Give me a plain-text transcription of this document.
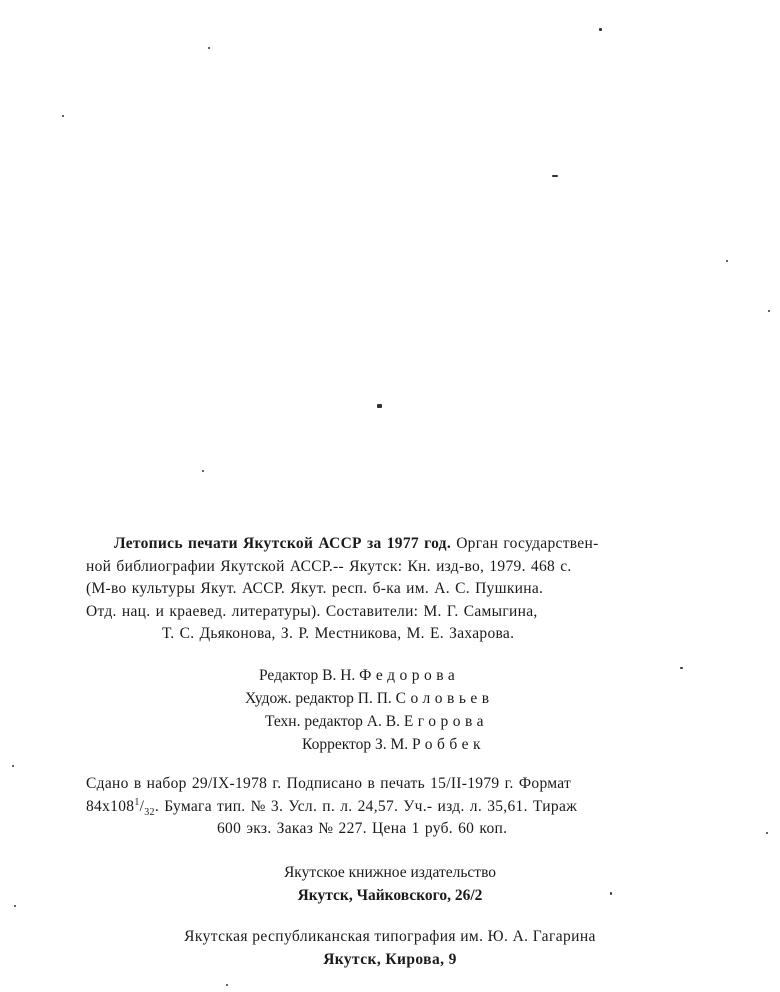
Летопись печати Якутской АССР за 1977 год. Орган государствен-
ной библиографии Якутской АССР.-- Якутск: Кн. изд-во, 1979. 468 с.
(М-во культуры Якут. АССР. Якут. респ. б-ка им. А. С. Пушкина.
Отд. нац. и краевед. литературы). Составители: М. Г. Самыгина,
Т. С. Дьяконова, З. Р. Местникова, М. Е. Захарова.
Редактор В. Н. Федорова
Худож. редактор П. П. Соловьев
Техн. редактор А. В. Егорова
Корректор З. М. Роббек
Сдано в набор 29/IX-1978 г. Подписано в печать 15/II-1979 г. Формат
$84x108^1/_{32}$. Бумага тип. № 3. Усл. п. л. 24,57. Уч.- изд. л. 35,61. Тираж
600 экз. Заказ № 227. Цена 1 руб. 60 коп.
Якутское книжное издательство
Якутск, Чайковского, 26/2
Якутская республиканская типография им. Ю. А. Гагарина
Якутск, Кирова, 9
